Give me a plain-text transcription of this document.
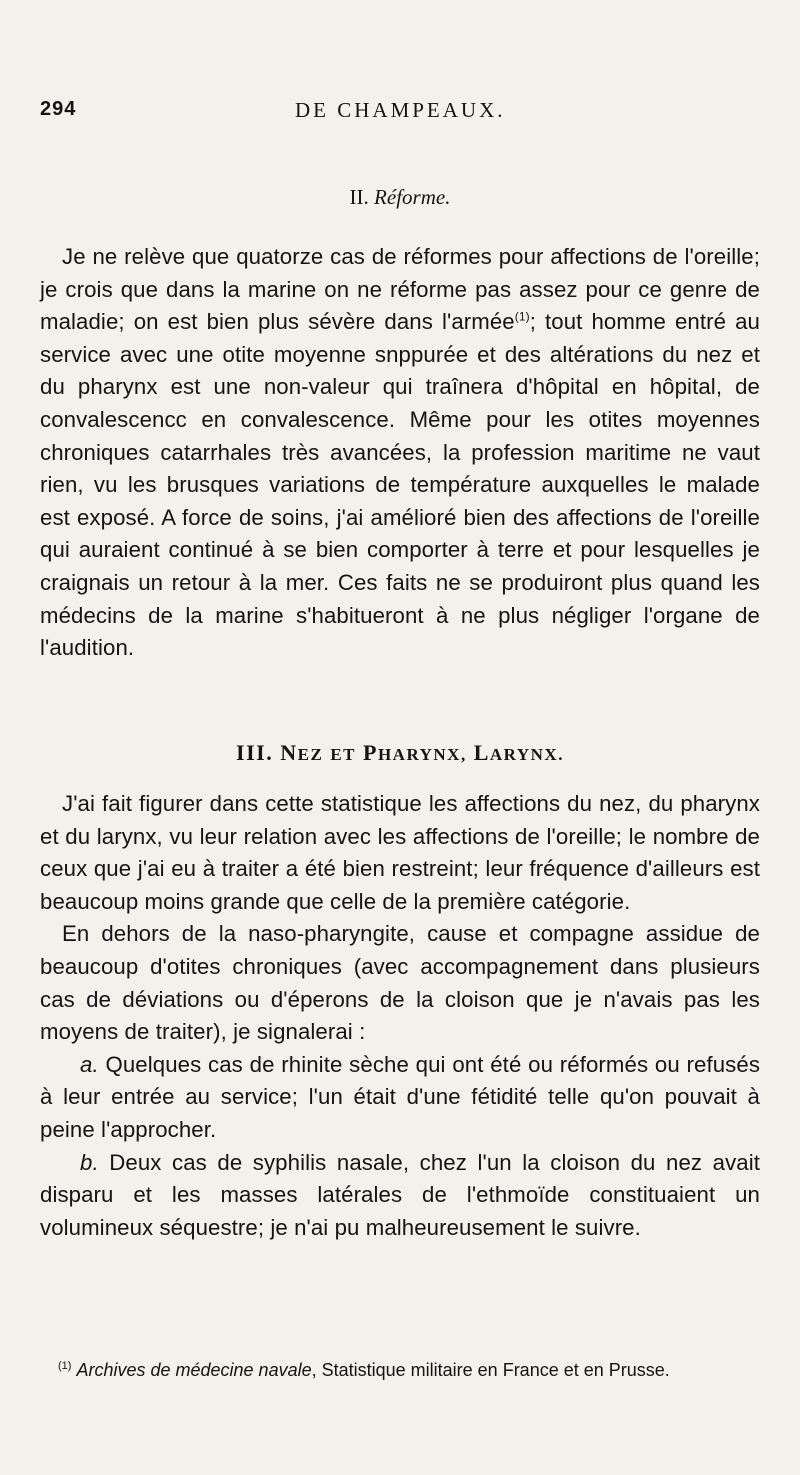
294	DE CHAMPEAUX.
II. Réforme.

Je ne relève que quatorze cas de réformes pour affections de l'oreille; je crois que dans la marine on ne réforme pas assez pour ce genre de maladie; on est bien plus sévère dans l'armée$^{(1)}$; tout homme entré au service avec une otite moyenne snppurée et des altérations du nez et du pharynx est une non-valeur qui traînera d'hôpital en hôpital, de convalescencc en convalescence. Même pour les otites moyennes chroniques catarrhales très avancées, la profession maritime ne vaut rien, vu les brusques variations de température auxquelles le malade est exposé. A force de soins, j'ai amélioré bien des affections de l'oreille qui auraient continué à se bien comporter à terre et pour lesquelles je craignais un retour à la mer. Ces faits ne se produiront plus quand les médecins de la marine s'habitueront à ne plus négliger l'organe de l'audition.

III. NEZ ET PHARYNX, LARYNX.

J'ai fait figurer dans cette statistique les affections du nez, du pharynx et du larynx, vu leur relation avec les affections de l'oreille; le nombre de ceux que j'ai eu à traiter a été bien restreint; leur fréquence d'ailleurs est beaucoup moins grande que celle de la première catégorie.

En dehors de la naso-pharyngite, cause et compagne assidue de beaucoup d'otites chroniques (avec accompagnement dans plusieurs cas de déviations ou d'éperons de la cloison que je n'avais pas les moyens de traiter), je signalerai :

a. Quelques cas de rhinite sèche qui ont été ou réformés ou refusés à leur entrée au service; l'un était d'une fétidité telle qu'on pouvait à peine l'approcher.

b. Deux cas de syphilis nasale, chez l'un la cloison du nez avait disparu et les masses latérales de l'ethmoïde constituaient un volumineux séquestre; je n'ai pu malheureusement le suivre.

$^{(1)}$ Archives de médecine navale, Statistique militaire en France et en Prusse.
